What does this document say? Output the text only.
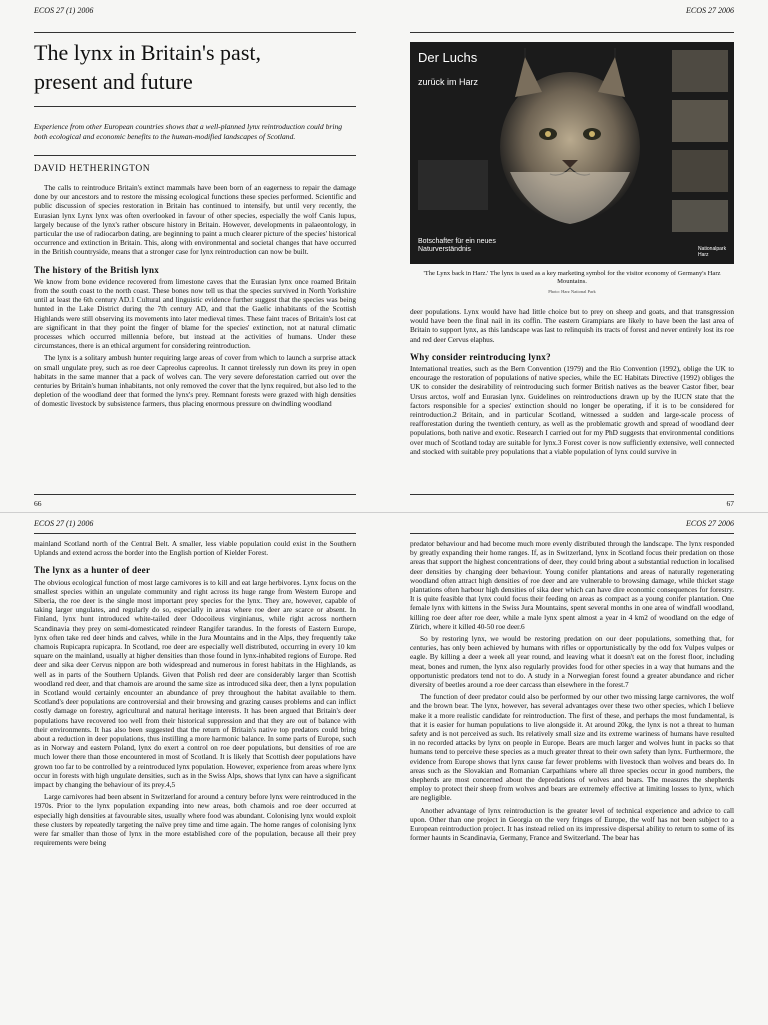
ECOS 27 (1) 2006	ECOS 27 2006
The lynx in Britain's past,
present and future
Experience from other European countries shows that a well-planned lynx reintroduction could bring both ecological and economic benefits to the human-modified landscapes of Scotland.
DAVID HETHERINGTON

The calls to reintroduce Britain's extinct mammals have been born of an eagerness to repair the damage done by our ancestors and to restore the missing ecological functions these species performed. Scientific and public discussion of species restoration in Britain has continued to intensify, but until very recently, the Eurasian lynx Lynx lynx was often overlooked in favour of other species, especially the wolf Canis lupus, largely because of the lynx's rather obscure history in Britain. However, developments in palaeontology, in particular the use of radiocarbon dating, are beginning to paint a much clearer picture of the species' historical occurrence and extinction in Britain. This, along with environmental and societal changes that have occurred in the British countryside, means that a stronger case for lynx reintroduction can now be built.

The history of the British lynx

We know from bone evidence recovered from limestone caves that the Eurasian lynx once roamed Britain from the south coast to the north coast. These bones now tell us that the species survived in North Yorkshire until at least the 6th century AD.1 Cultural and linguistic evidence further suggest that the species was being hunted in the Lake District during the 7th century AD, and that the Gaelic inhabitants of the Scottish Highlands were still observing its movements into later medieval times. These faint traces of Britain's lost cat are significant in that they point the finger of blame for the species' extinction, not at natural climatic processes which occurred millennia before, but instead at the activities of humans. Under these circumstances, there is an ethical argument for considering reintroduction.

The lynx is a solitary ambush hunter requiring large areas of cover from which to launch a surprise attack on small ungulate prey, such as roe deer Capreolus capreolus. It cannot tirelessly run down its prey in open habitats in the same manner that a pack of wolves can. The very severe deforestation carried out over the centuries by Britain's human inhabitants, not only removed the cover that the lynx required, but also led to the depletion of the woodland deer that formed the lynx's prey. Remnant forests were grazed with high densities of domestic livestock by subsistence farmers, thus placing enormous pressure on dwindling woodland

Der Luchs
zurück im Harz
Botschafter für ein neues Naturverständnis	Nationalpark Harz
'The Lynx back in Harz.' The lynx is used as a key marketing symbol for the visitor economy of Germany's Harz Mountains.
Photo: Harz National Park

deer populations. Lynx would have had little choice but to prey on sheep and goats, and that transgression would have been the final nail in its coffin. The eastern Grampians are likely to have been the last area of Britain to support lynx, as this landscape was last to relinquish its tracts of forest and never entirely lost its roe and red deer Cervus elaphus.

Why consider reintroducing lynx?

International treaties, such as the Bern Convention (1979) and the Rio Convention (1992), oblige the UK to encourage the restoration of populations of native species, while the EC Habitats Directive (1992) obliges the UK to consider the desirability of reintroducing such former British natives as the beaver Castor fiber, bear Ursus arctos, wolf and Eurasian lynx. Guidelines on reintroductions drawn up by the IUCN state that the factors responsible for a species' extinction should no longer be operating, if it is to be considered for reintroduction.2 Britain, and in particular Scotland, witnessed a sudden and large-scale process of reafforestation during the twentieth century, as well as the problematic growth and spread of woodland deer populations, both native and exotic. Research I carried out for my PhD suggests that environmental conditions over much of Scotland today are suitable for lynx.3 Forest cover is now sufficiently extensive, well connected and stocked with suitable prey populations that a viable population of lynx could survive in

66	67
ECOS 27 (1) 2006	ECOS 27 2006

mainland Scotland north of the Central Belt. A smaller, less viable population could exist in the Southern Uplands and extend across the border into the English portion of Kielder Forest.

The lynx as a hunter of deer

The obvious ecological function of most large carnivores is to kill and eat large herbivores. Lynx focus on the smallest species within an ungulate community and right across its huge range from Western Europe and Siberia, the roe deer is the single most important prey species for the lynx. They are, however, capable of taking larger ungulates, and regularly do so, especially in areas where roe deer are scarce or absent. In Finland, lynx hunt introduced white-tailed deer Odocoileus virginianus, while right across northern Scandinavia they prey on semi-domesticated reindeer Rangifer tarandus. In the forests of Eastern Europe, lynx often take red deer hinds and calves, while in the Jura Mountains and in the Alps, they frequently take chamois Rupicapra rupicapra. In Scotland, roe deer are especially well distributed, occurring in every 10 km square on the mainland, usually at higher densities than those found in lynx-inhabited regions of Europe. Red deer and sika deer Cervus nippon are both widespread and numerous in forest habitats in the Highlands, as well as in parts of the Southern Uplands. Given that Polish red deer are considerably larger than Scottish woodland red deer, and that chamois are around the same size as introduced sika deer, then a lynx population in Scotland would certainly encounter an abundance of prey throughout the habitat available to them. Scotland's deer populations are controversial and their browsing and grazing causes problems and can inflict costly damage on forestry, agricultural and natural heritage interests. It has been argued that Britain's deer populations have recovered too well from their historical suppression and that they are out of balance with their environments. It has also been suggested that the return of Britain's native top predators could bring about a reduction in deer populations, thus instilling a more harmonic balance. In some parts of Europe, such as in Norway and eastern Poland, lynx do exert a control on roe deer populations, but densities of roe are much lower there than those encountered in most of Scotland. It is likely that Scottish deer populations have grown too far to be controlled by a reintroduced lynx population. However, experience from areas where lynx occur in forests with high ungulate densities, such as in the Swiss Alps, shows that lynx can have a significant impact by changing the behaviour of its prey.4,5

Large carnivores had been absent in Switzerland for around a century before lynx were reintroduced in the 1970s. Prior to the lynx population expanding into new areas, both chamois and roe deer occurred at especially high densities at favourable sites, usually where food was abundant. Colonising lynx would exploit these clusters by repeatedly targeting the naïve prey time and time again. The home ranges of colonising lynx were far smaller than those of lynx in the more established core of the population, because all their prey requirements were being

predator behaviour and had become much more evenly distributed through the landscape. The lynx responded by greatly expanding their home ranges. If, as in Switzerland, lynx in Scotland focus their predation on those areas that support the highest concentrations of deer, they could bring about a substantial reduction in localised deer densities by changing deer behaviour. Young conifer plantations and areas of naturally regenerating woodland often attract high densities of roe deer and are vulnerable to browsing damage, while thicket stage plantations often harbour high densities of sika deer which can have dire economic consequences for forestry. It is quite feasible that lynx could focus their feeding on areas as compact as a young conifer plantation. One female lynx with kittens in the Swiss Jura Mountains, spent several months in one area of windfall woodland, killing roe deer after roe deer, while a male lynx spent almost a year in 4 km2 of woodland on the edge of Zürich, where it killed 40-50 roe deer.6

So by restoring lynx, we would be restoring predation on our deer populations, something that, for centuries, has only been achieved by humans with rifles or opportunistically by the odd fox Vulpes vulpes or eagle. By killing a deer a week all year round, and leaving what it doesn't eat on the forest floor, including meat, bones and rumen, the lynx also regularly provides food for other species in a way that humans and the opportunistic predators tend not to do. A study in a Norwegian forest found a greater abundance and richer diversity of beetles around a roe deer carcass than elsewhere in the forest.7

The function of deer predator could also be performed by our other two missing large carnivores, the wolf and the brown bear. The lynx, however, has several advantages over these two other species, which I believe make it a more realistic candidate for reintroduction. The first of these, and perhaps the most fundamental, is that it is easier for human populations to live alongside it. At around 20kg, the lynx is not a threat to human safety and is not perceived as such. Its relatively small size and its extreme wariness of humans have resulted in no recorded attacks by lynx on people in Europe. Bears are much larger and wolves hunt in packs so that humans tend to perceive these species as a much greater threat to their own safety than lynx. Furthermore, the evidence from Europe shows that lynx cause far fewer problems with livestock than wolves and bears do. In areas such as the Slovakian and Romanian Carpathians where all three species occur in good numbers, the shepherds are most concerned about the depredations of wolves and bears. The measures the shepherds employ to protect their sheep from wolves and bears are extremely effective at limiting losses to lynx, which are negligible.

Another advantage of lynx reintroduction is the greater level of technical experience and advice to call upon. Other than one project in Georgia on the very fringes of Europe, the wolf has not been subject to a European reintroduction project. It has instead relied on its impressive dispersal ability to return to some of its former haunts in Scandinavia, Germany, France and Switzerland. The bear has
